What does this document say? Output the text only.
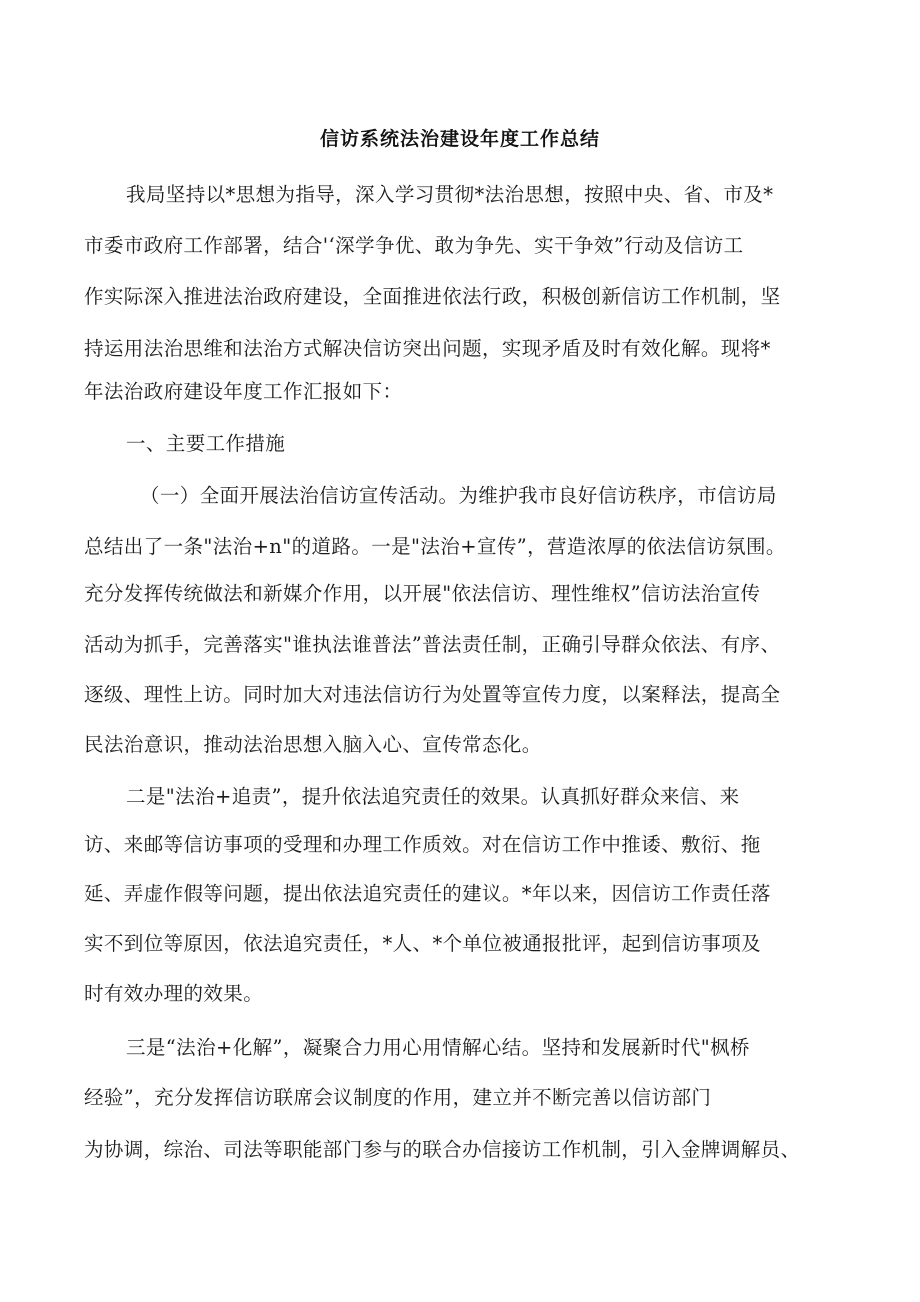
信访系统法治建设年度工作总结
我局坚持以*思想为指导，深入学习贯彻*法治思想，按照中央、省、市及*
市委市政府工作部署，结合'‘深学争优、敢为争先、实干争效”行动及信访工
作实际深入推进法治政府建设，全面推进依法行政，积极创新信访工作机制，坚
持运用法治思维和法治方式解决信访突出问题，实现矛盾及时有效化解。现将*
年法治政府建设年度工作汇报如下：
一、主要工作措施
（一）全面开展法治信访宣传活动。为维护我市良好信访秩序，市信访局
总结出了一条"法治+n"的道路。一是"法治+宣传”，营造浓厚的依法信访氛围。
充分发挥传统做法和新媒介作用，以开展"依法信访、理性维权”信访法治宣传
活动为抓手，完善落实"谁执法谁普法”普法责任制，正确引导群众依法、有序、
逐级、理性上访。同时加大对违法信访行为处置等宣传力度，以案释法，提高全
民法治意识，推动法治思想入脑入心、宣传常态化。
二是"法治+追责”，提升依法追究责任的效果。认真抓好群众来信、来
访、来邮等信访事项的受理和办理工作质效。对在信访工作中推诿、敷衍、拖
延、弄虚作假等问题，提出依法追究责任的建议。*年以来，因信访工作责任落
实不到位等原因，依法追究责任，*人、*个单位被通报批评，起到信访事项及
时有效办理的效果。
三是“法治+化解”，凝聚合力用心用情解心结。坚持和发展新时代"枫桥
经验”，充分发挥信访联席会议制度的作用，建立并不断完善以信访部门
为协调，综治、司法等职能部门参与的联合办信接访工作机制，引入金牌调解员、
